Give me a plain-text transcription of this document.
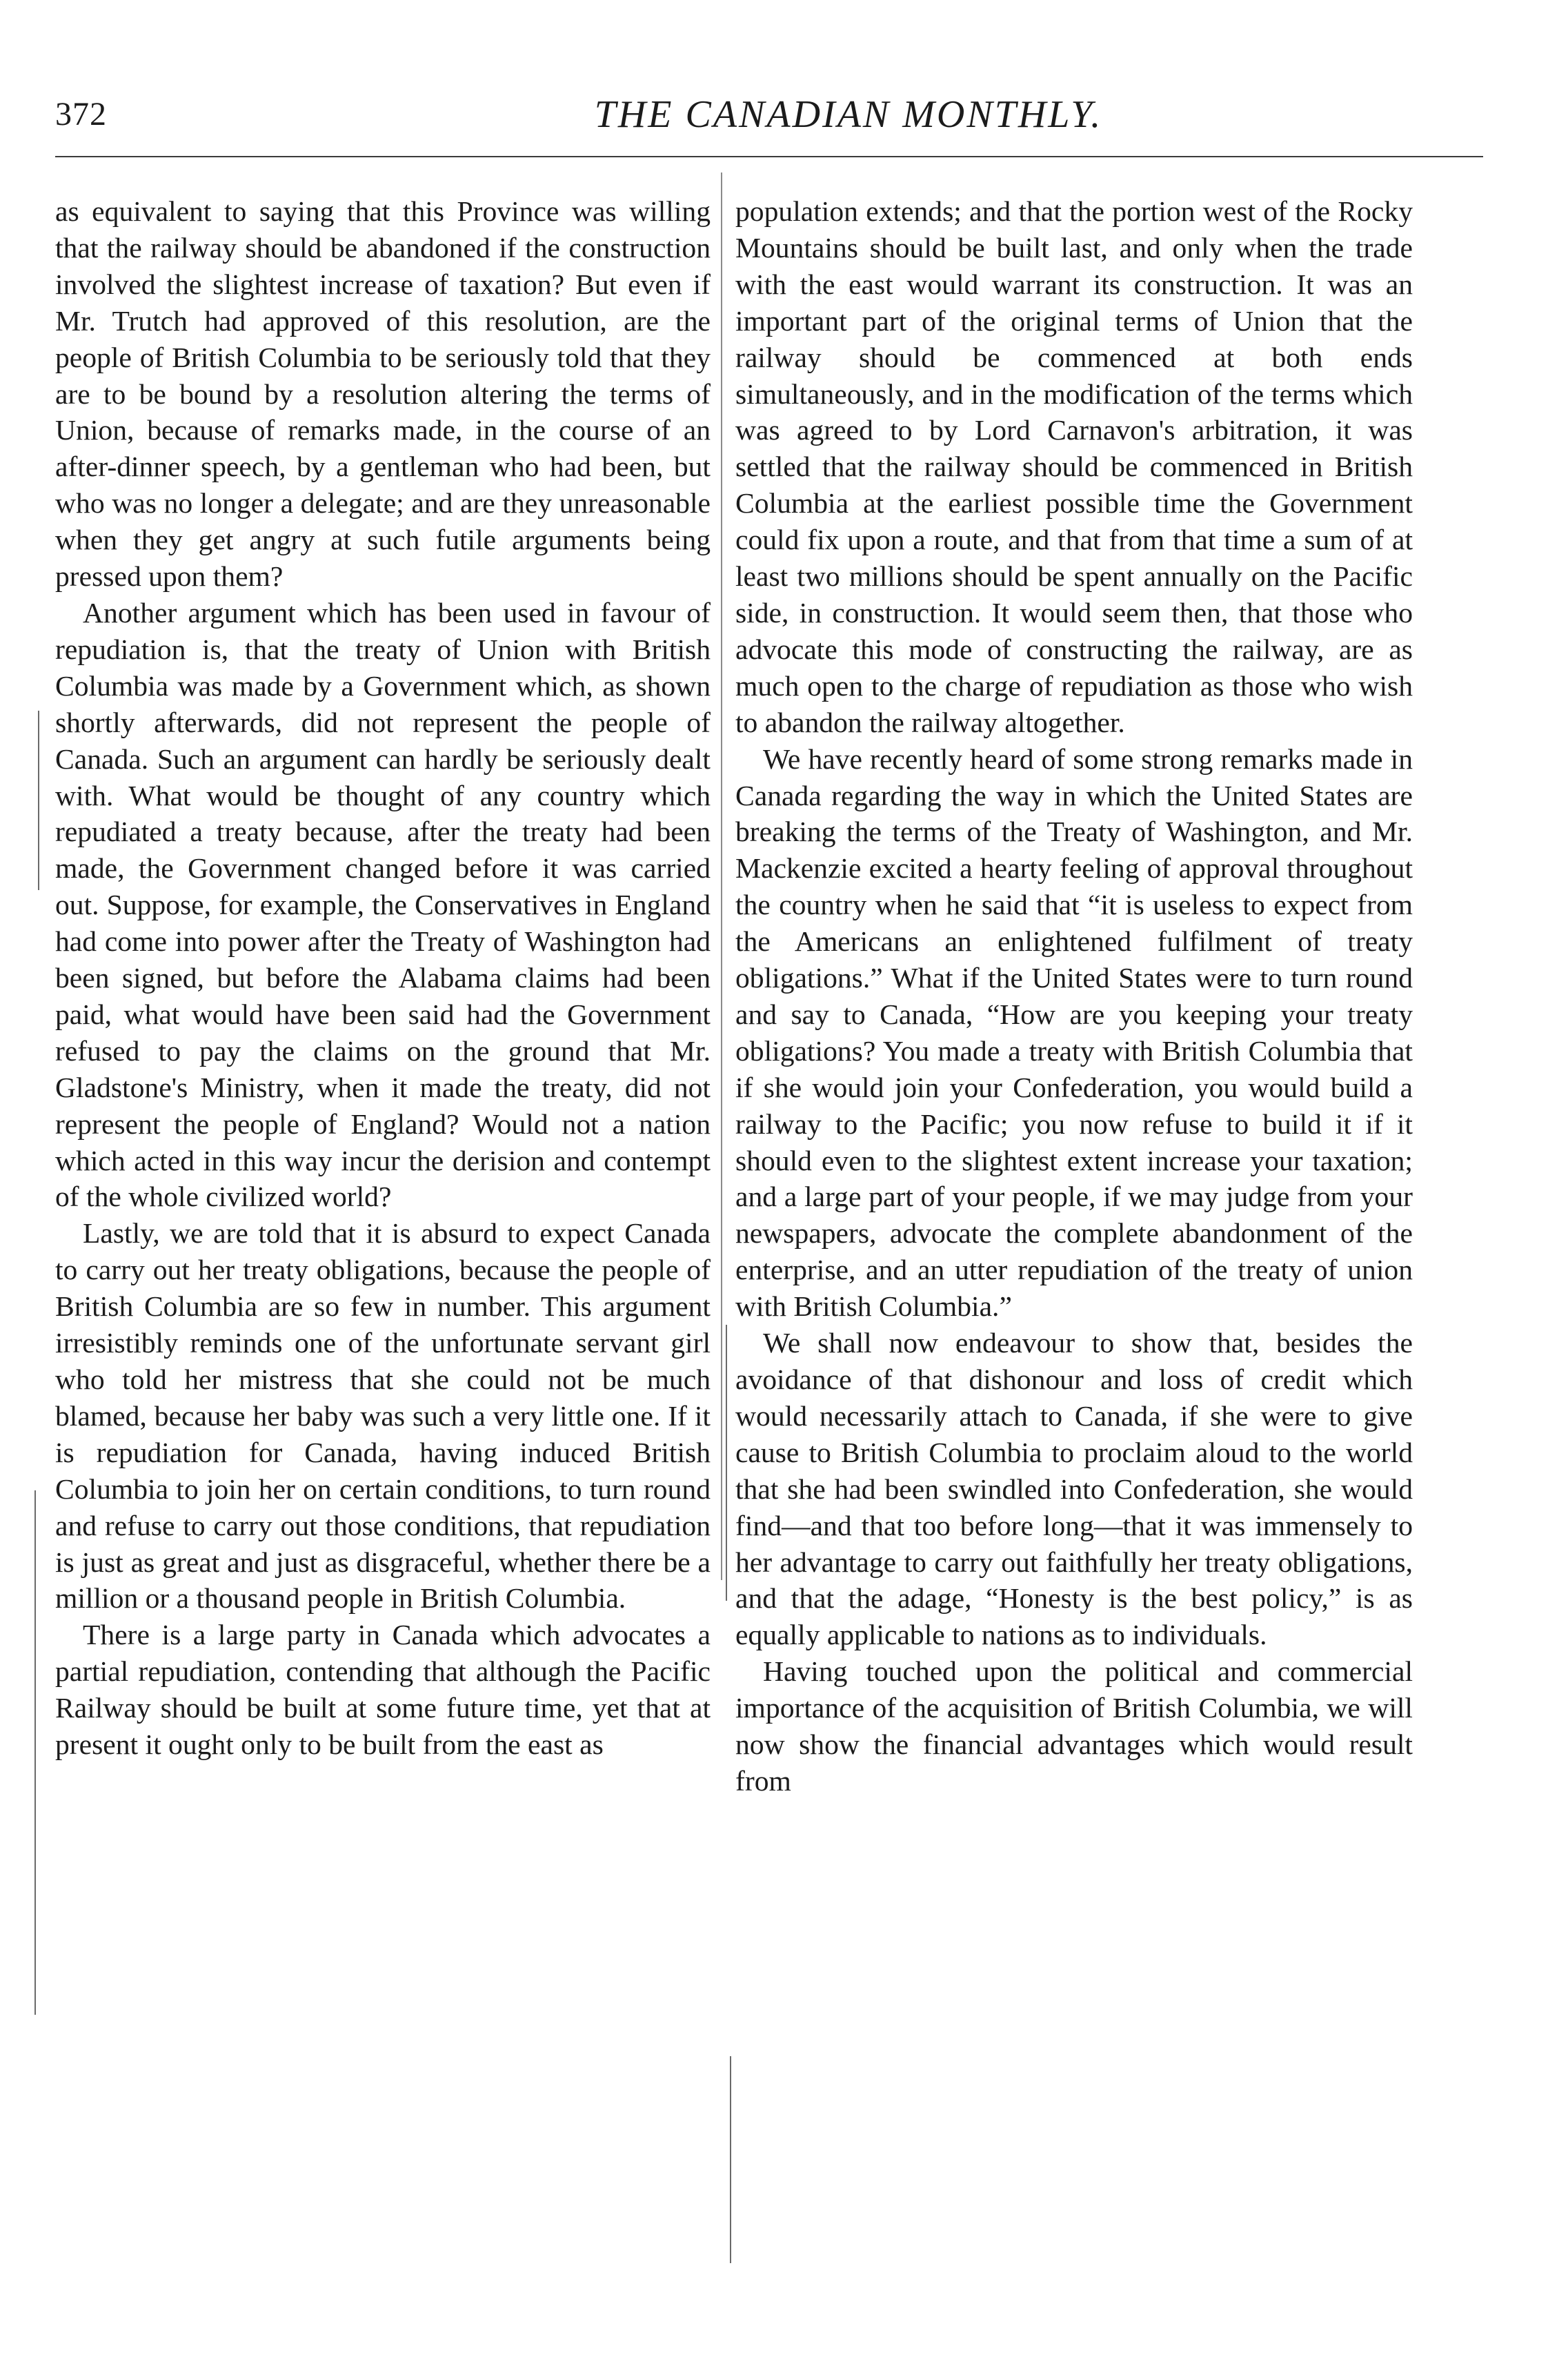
372	THE CANADIAN MONTHLY.

as equivalent to saying that this Province was willing that the railway should be abandoned if the construction involved the slightest increase of taxation? But even if Mr. Trutch had approved of this resolution, are the people of British Columbia to be seriously told that they are to be bound by a resolution altering the terms of Union, because of remarks made, in the course of an after-dinner speech, by a gentleman who had been, but who was no longer a delegate; and are they unreasonable when they get angry at such futile arguments being pressed upon them?

Another argument which has been used in favour of repudiation is, that the treaty of Union with British Columbia was made by a Government which, as shown shortly afterwards, did not represent the people of Canada. Such an argument can hardly be seriously dealt with. What would be thought of any country which repudiated a treaty because, after the treaty had been made, the Government changed before it was carried out. Suppose, for example, the Conservatives in England had come into power after the Treaty of Washington had been signed, but before the Alabama claims had been paid, what would have been said had the Government refused to pay the claims on the ground that Mr. Gladstone's Ministry, when it made the treaty, did not represent the people of England? Would not a nation which acted in this way incur the derision and contempt of the whole civilized world?

Lastly, we are told that it is absurd to expect Canada to carry out her treaty obligations, because the people of British Columbia are so few in number. This argument irresistibly reminds one of the unfortunate servant girl who told her mistress that she could not be much blamed, because her baby was such a very little one. If it is repudiation for Canada, having induced British Columbia to join her on certain conditions, to turn round and refuse to carry out those conditions, that repudiation is just as great and just as disgraceful, whether there be a million or a thousand people in British Columbia.

There is a large party in Canada which advocates a partial repudiation, contending that although the Pacific Railway should be built at some future time, yet that at present it ought only to be built from the east as

population extends; and that the portion west of the Rocky Mountains should be built last, and only when the trade with the east would warrant its construction. It was an important part of the original terms of Union that the railway should be commenced at both ends simultaneously, and in the modification of the terms which was agreed to by Lord Carnavon's arbitration, it was settled that the railway should be commenced in British Columbia at the earliest possible time the Government could fix upon a route, and that from that time a sum of at least two millions should be spent annually on the Pacific side, in construction. It would seem then, that those who advocate this mode of constructing the railway, are as much open to the charge of repudiation as those who wish to abandon the railway altogether.

We have recently heard of some strong remarks made in Canada regarding the way in which the United States are breaking the terms of the Treaty of Washington, and Mr. Mackenzie excited a hearty feeling of approval throughout the country when he said that “it is useless to expect from the Americans an enlightened fulfilment of treaty obligations.” What if the United States were to turn round and say to Canada, “How are you keeping your treaty obligations? You made a treaty with British Columbia that if she would join your Confederation, you would build a railway to the Pacific; you now refuse to build it if it should even to the slightest extent increase your taxation; and a large part of your people, if we may judge from your newspapers, advocate the complete abandonment of the enterprise, and an utter repudiation of the treaty of union with British Columbia.”

We shall now endeavour to show that, besides the avoidance of that dishonour and loss of credit which would necessarily attach to Canada, if she were to give cause to British Columbia to proclaim aloud to the world that she had been swindled into Confederation, she would find—and that too before long—that it was immensely to her advantage to carry out faithfully her treaty obligations, and that the adage, “Honesty is the best policy,” is as equally applicable to nations as to individuals.

Having touched upon the political and commercial importance of the acquisition of British Columbia, we will now show the financial advantages which would result from
